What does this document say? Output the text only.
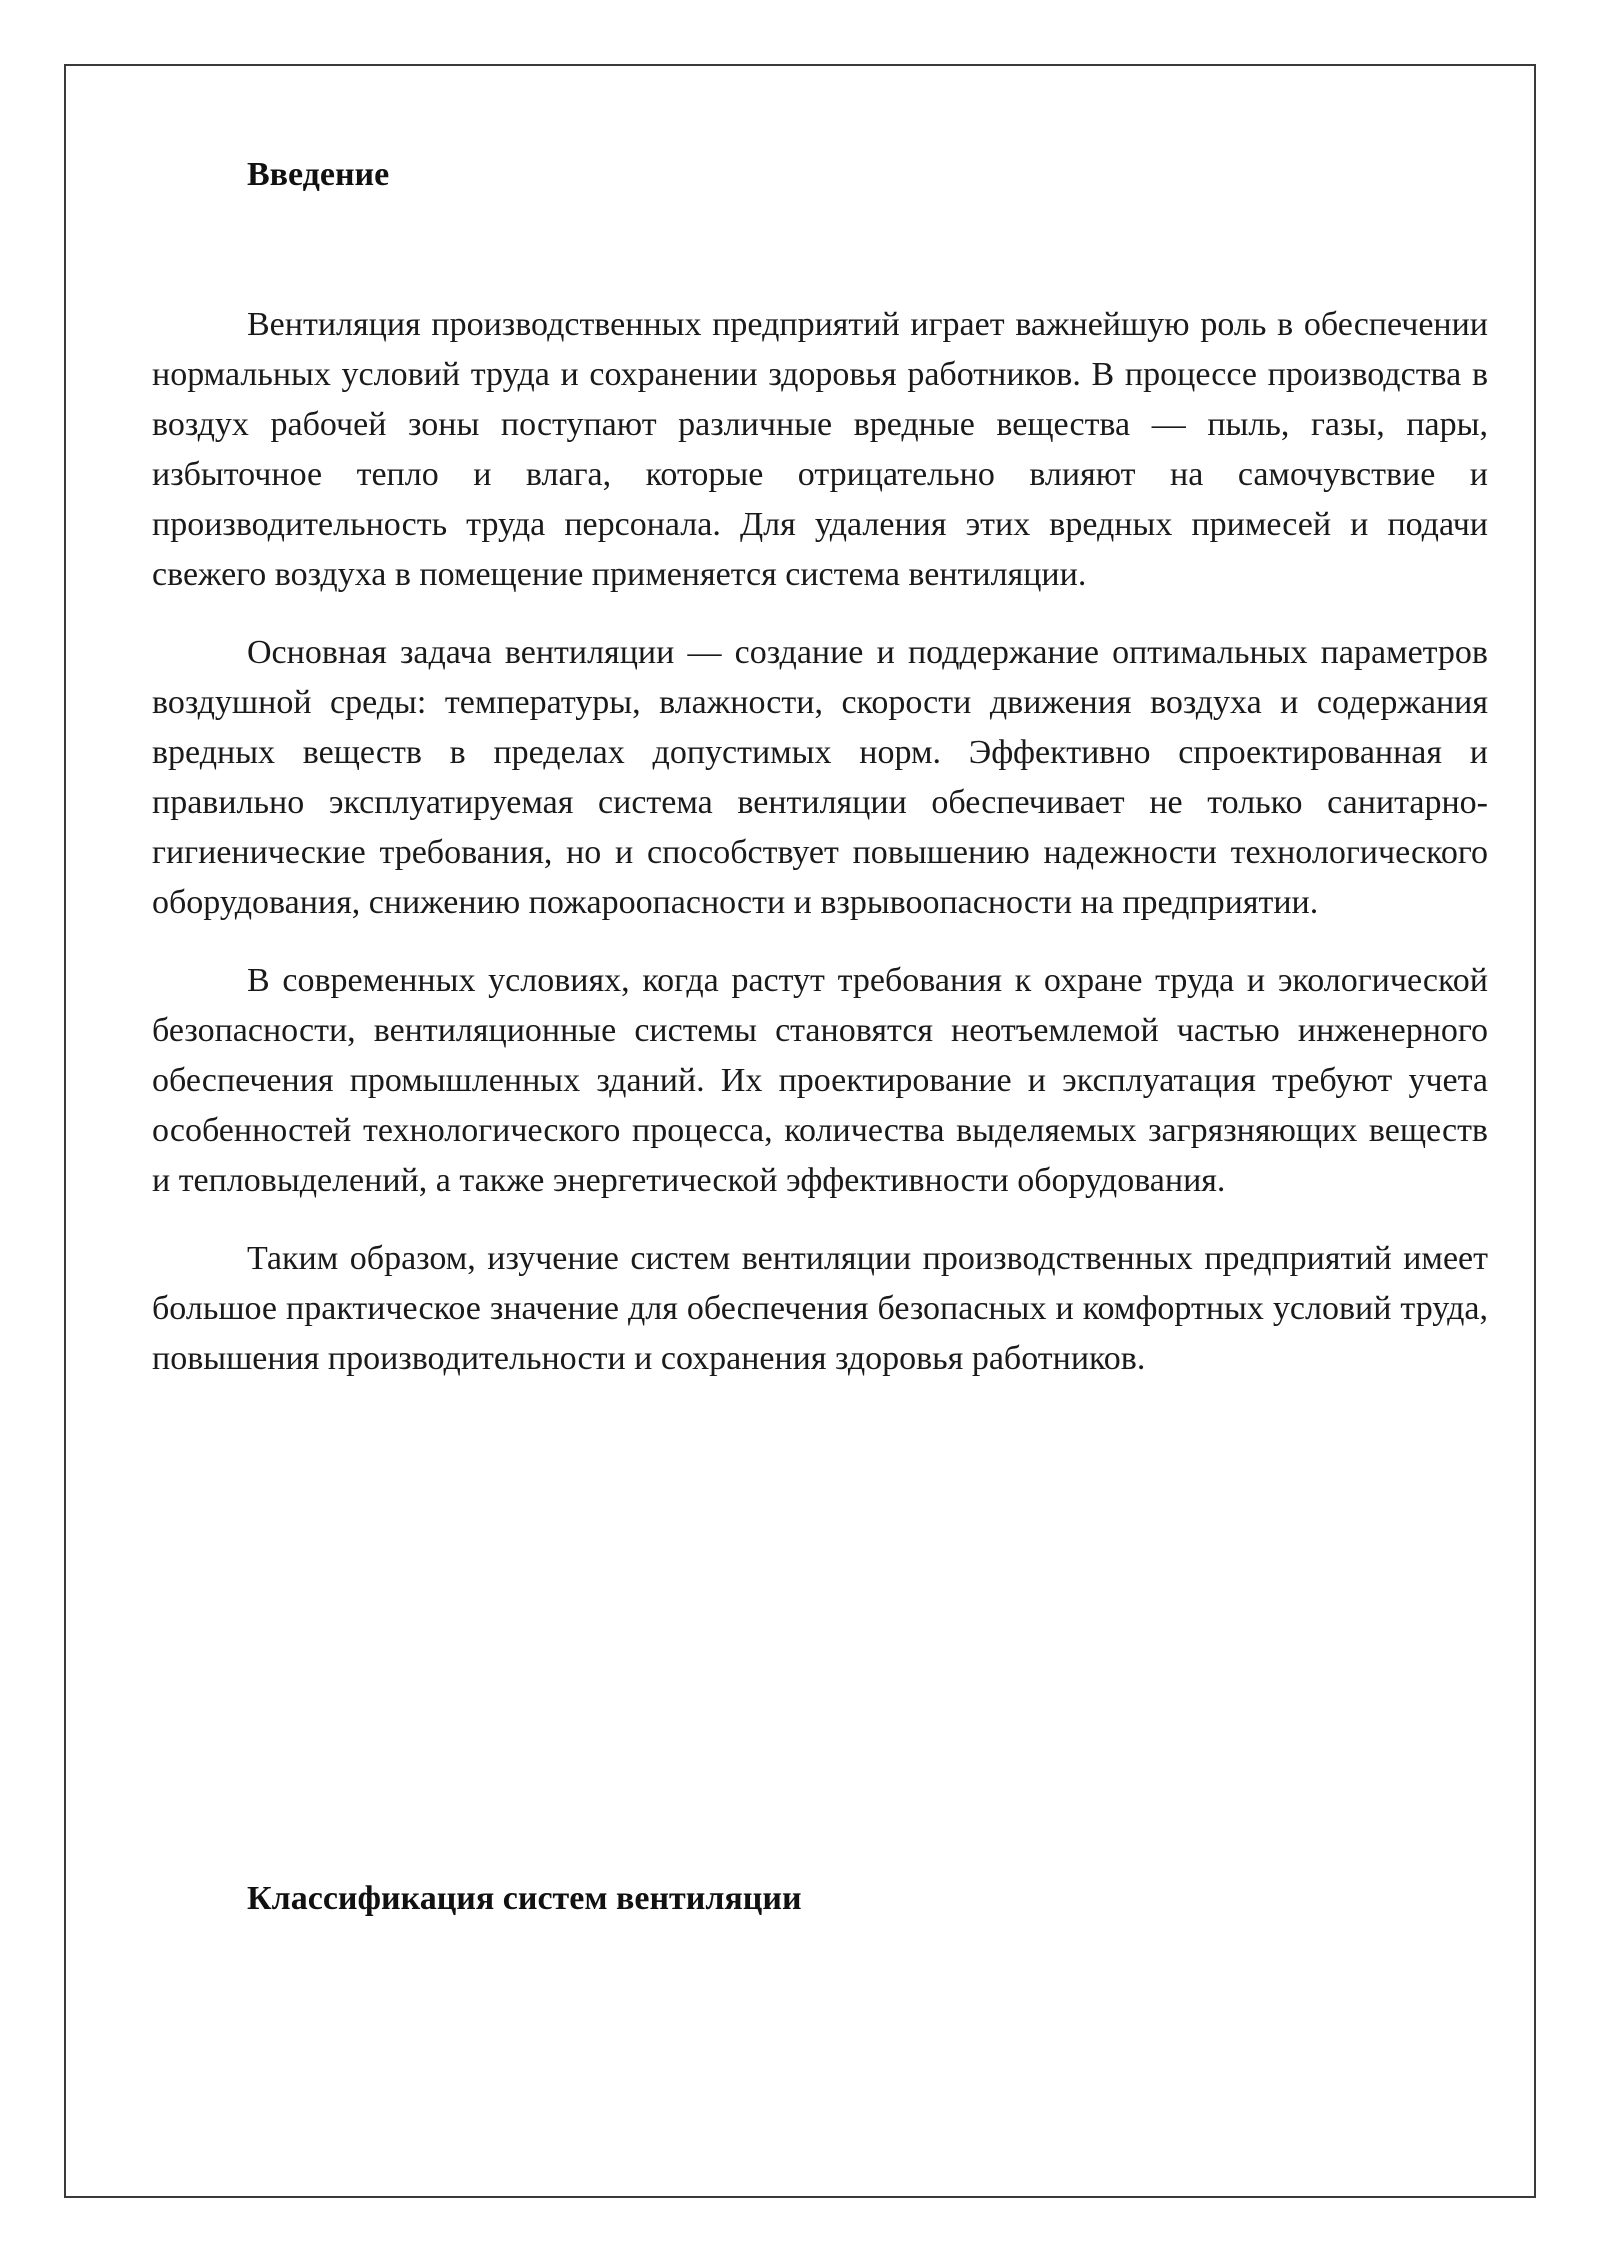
Введение

Вентиляция производственных предприятий играет важнейшую роль в обеспечении нормальных условий труда и сохранении здоровья работников. В процессе производства в воздух рабочей зоны поступают различные вредные вещества — пыль, газы, пары, избыточное тепло и влага, которые отрицательно влияют на самочувствие и производительность труда персонала. Для удаления этих вредных примесей и подачи свежего воздуха в помещение применяется система вентиляции.

Основная задача вентиляции — создание и поддержание оптимальных параметров воздушной среды: температуры, влажности, скорости движения воздуха и содержания вредных веществ в пределах допустимых норм. Эффективно спроектированная и правильно эксплуатируемая система вентиляции обеспечивает не только санитарно-гигиенические требования, но и способствует повышению надежности технологического оборудования, снижению пожароопасности и взрывоопасности на предприятии.

В современных условиях, когда растут требования к охране труда и экологической безопасности, вентиляционные системы становятся неотъемлемой частью инженерного обеспечения промышленных зданий. Их проектирование и эксплуатация требуют учета особенностей технологического процесса, количества выделяемых загрязняющих веществ и тепловыделений, а также энергетической эффективности оборудования.

Таким образом, изучение систем вентиляции производственных предприятий имеет большое практическое значение для обеспечения безопасных и комфортных условий труда, повышения производительности и сохранения здоровья работников.

Классификация систем вентиляции
